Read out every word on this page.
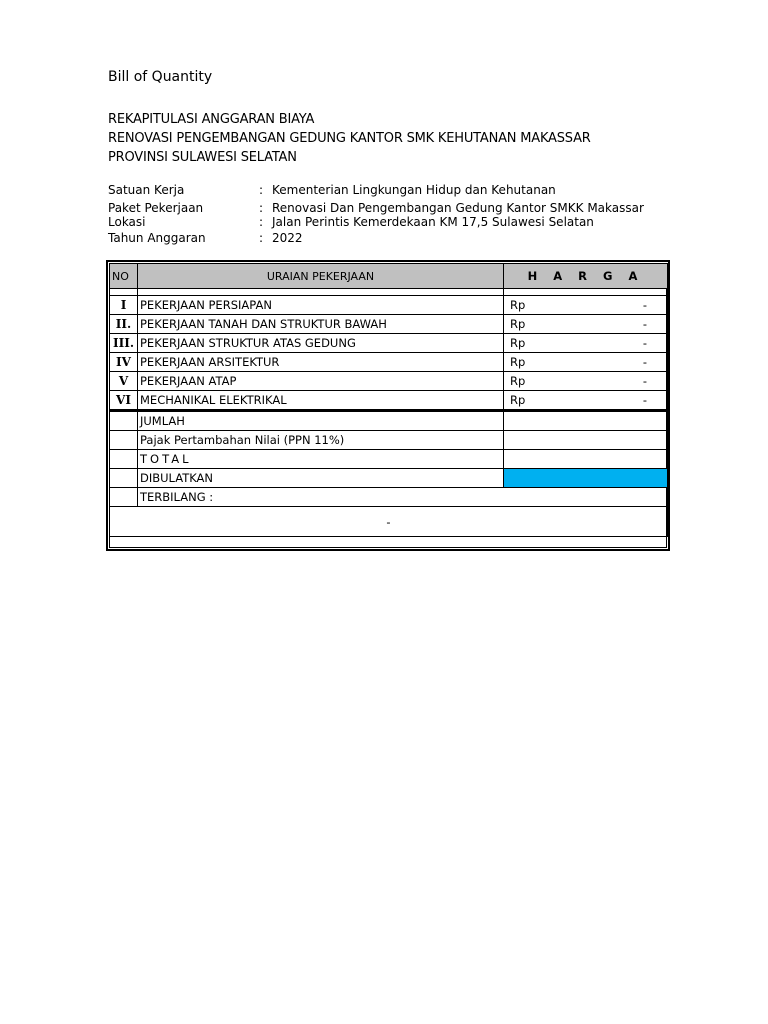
Bill of Quantity
REKAPITULASI ANGGARAN BIAYA
RENOVASI PENGEMBANGAN GEDUNG KANTOR SMK KEHUTANAN MAKASSAR
PROVINSI SULAWESI SELATAN
Satuan Kerja	: Kementerian Lingkungan Hidup dan Kehutanan
Paket Pekerjaan	: Renovasi Dan Pengembangan Gedung Kantor SMKK Makassar
Lokasi	: Jalan Perintis Kemerdekaan KM 17,5 Sulawesi Selatan
Tahun Anggaran	: 2022
NO	URAIAN PEKERJAAN	H A R G A

I	PEKERJAAN PERSIAPAN	Rp -

II.	PEKERJAAN TANAH DAN STRUKTUR BAWAH	Rp -

III.	PEKERJAAN STRUKTUR ATAS GEDUNG	Rp -

IV	PEKERJAAN ARSITEKTUR	Rp -

V	PEKERJAAN ATAP	Rp -

VI	MECHANIKAL ELEKTRIKAL	Rp -

	JUMLAH	
	Pajak Pertambahan Nilai (PPN 11%)	
	TOTAL	
	DIBULATKAN	
	TERBILANG :	
-		
